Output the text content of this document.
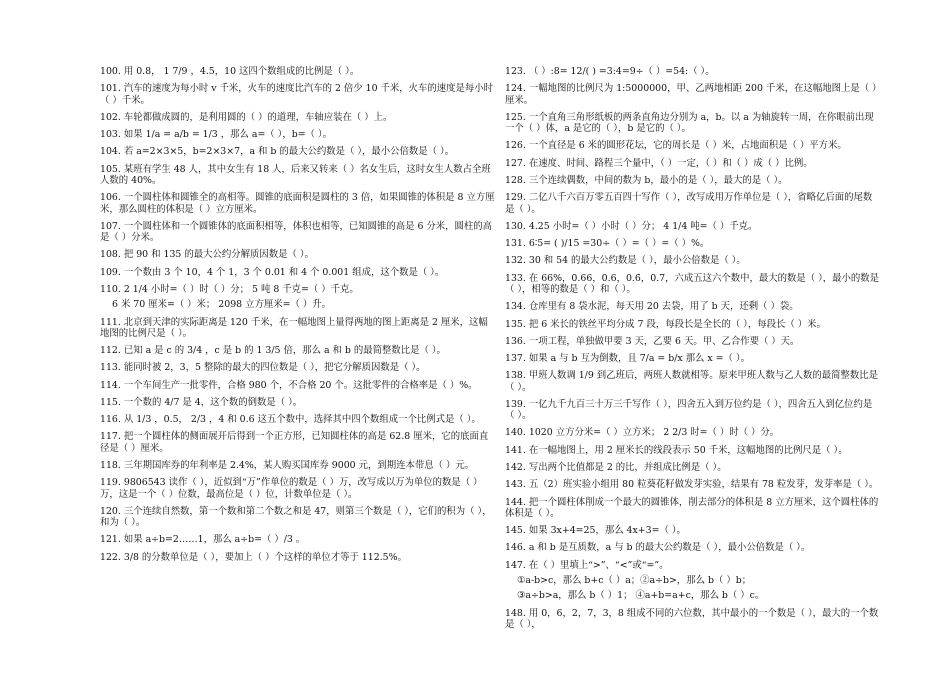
100. 用 0.8， 1 7/9 ，4.5，10 这四个数组成的比例是（ ）。

101. 汽车的速度为每小时 v 千米，火车的速度比汽车的 2 倍少 10 千米，火车的速度是每小时（ ）千米。

102. 车轮都做成圆的，是利用圆的（ ）的道理，车轴应装在（ ）上。

103. 如果 1/a = a/b = 1/3 ，那么 a=（ ），b=（ ）。

104. 若 a=2×3×5，b=2×3×7，a 和 b 的最大公约数是（ ），最小公倍数是（ ）。

105. 某班有学生 48 人，其中女生有 18 人，后来又转来（ ）名女生后，这时女生人数占全班人数的 40%。

106. 一个圆柱体和圆锥全的高相等。圆锥的底面积是圆柱的 3 倍，如果圆锥的体积是 8 立方厘米，那么圆柱的体积是（ ）立方厘米。

107. 一个圆柱体和一个圆锥体的底面积相等，体积也相等，已知圆锥的高是 6 分米，圆柱的高是（ ）分米。

108. 把 90 和 135 的最大公约分解质因数是（ ）。

109. 一个数由 3 个 10，4 个 1，3 个 0.01 和 4 个 0.001 组成，这个数是（ ）。

110. 2 1/4 小时=（ ）时（ ）分； 5 吨 8 千克=（ ）千克。

6 米 70 厘米=（ ）米； 2098 立方厘米=（ ）升。

111. 北京到天津的实际距离是 120 千米，在一幅地图上量得两地的图上距离是 2 厘米，这幅地图的比例尺是（ ）。

112. 已知 a 是 c 的 3/4 ，c 是 b 的 1 3/5 倍，那么 a 和 b 的最简整数比是（ ）。

113. 能同时被 2，3，5 整除的最大的四位数是（ ），把它分解质因数是（ ）。

114. 一个车间生产一批零件，合格 980 个，不合格 20 个。这批零件的合格率是（ ）%。

115. 一个数的 4/7 是 4，这个数的倒数是（ ）。

116. 从 1/3 ，0.5， 2/3 ，4 和 0.6 这五个数中，选择其中四个数组成一个比例式是（ ）。

117. 把一个圆柱体的侧面展开后得到一个正方形，已知圆柱体的高是 62.8 厘米，它的底面直径是（ ）厘米。

118. 三年期国库券的年利率是 2.4%，某人购买国库券 9000 元，到期连本带息（ ）元。

119. 9806543 读作（ ），近似到“万”作单位的数是（ ）万，改写成以万为单位的数是（ ）万，这是一个（ ）位数，最高位是（ ）位，计数单位是（ ）。

120. 三个连续自然数，第一个数和第二个数之和是 47，则第三个数是（ ），它们的积为（ ），和为（ ）。

121. 如果 a÷b=2……1，那么 a÷b=（ ）/3 。

122. 3/8 的分数单位是（ ），要加上（ ）个这样的单位才等于 112.5%。

123. （ ）:8= 12/( ) =3:4=9÷（ ）=54:（ ）。

124. 一幅地图的比例尺为 1:5000000，甲、乙两地相距 200 千米，在这幅地图上是（ ）厘米。

125. 一个直角三角形纸板的两条直角边分别为 a，b。以 a 为轴旋转一周，在你眼前出现一个（ ）体，a 是它的（ ），b 是它的（ ）。

126. 一个直径是 6 米的圆形花坛，它的周长是（ ）米，占地面积是（ ）平方米。

127. 在速度、时间、路程三个量中，（ ）一定，（ ）和（ ）成（ ）比例。

128. 三个连续偶数，中间的数为 b，最小的是（ ），最大的是（ ）。

129. 二亿八千六百万零五百四十写作（ ），改写成用万作单位是（ ），省略亿后面的尾数是（ ）。

130. 4.25 小时=（ ）小时（ ）分； 4 1/4 吨=（ ）千克。

131. 6∶5= ( )/15 =30÷（ ）=（ ）=（ ）%。

132. 30 和 54 的最大公约数是（ ），最小公倍数是（ ）。

133. 在 66%，0.66，0.6，0.6̇，0.7，六成五这六个数中，最大的数是（ ），最小的数是（ ），相等的数是（ ）和（ ）。

134. 仓库里有 8 袋水泥，每天用 20 去袋，用了 b 天，还剩（ ）袋。

135. 把 6 米长的铁丝平均分成 7 段，每段长是全长的（ ），每段长（ ）米。

136. 一项工程，单独做甲要 3 天，乙要 6 天。甲、乙合作要（ ）天。

137. 如果 a 与 b 互为倒数，且 7/a = b/x 那么 x =（ ）。

138. 甲班人数调 1/9 到乙班后，两班人数就相等。原来甲班人数与乙人数的最简整数比是（ ）。

139. 一亿九千九百三十万三千写作（ ），四舍五入到万位约是（ ），四舍五入到亿位约是（ ）。

140. 1020 立方分米=（ ）立方米； 2 2/3 时=（ ）时（ ）分。

141. 在一幅地图上，用 2 厘米长的线段表示 50 千米，这幅地图的比例尺是（ ）。

142. 写出两个比值都是 2 的比，并组成比例是（ ）。

143. 五（2）班实验小组用 80 粒葵花籽做发芽实验，结果有 78 粒发芽，发芽率是（ ）。

144. 把一个圆柱体削成一个最大的圆锥体，削去部分的体积是 8 立方厘米，这个圆柱体的体积是（ ）。

145. 如果 3x+4=25，那么 4x+3=（ ）。

146. a 和 b 是互质数，a 与 b 的最大公约数是（ ），最小公倍数是（ ）。

147. 在（ ）里填上“>”、“<”或“=”。

①a-b>c，那么 b+c（ ）a；②a÷b>，那么 b（ ）b；

③a÷b>a，那么 b（ ）1； ④a+b=a+c，那么 b（ ）c。

148. 用 0，6，2，7，3，8 组成不同的六位数，其中最小的一个数是（ ），最大的一个数是（ ），
